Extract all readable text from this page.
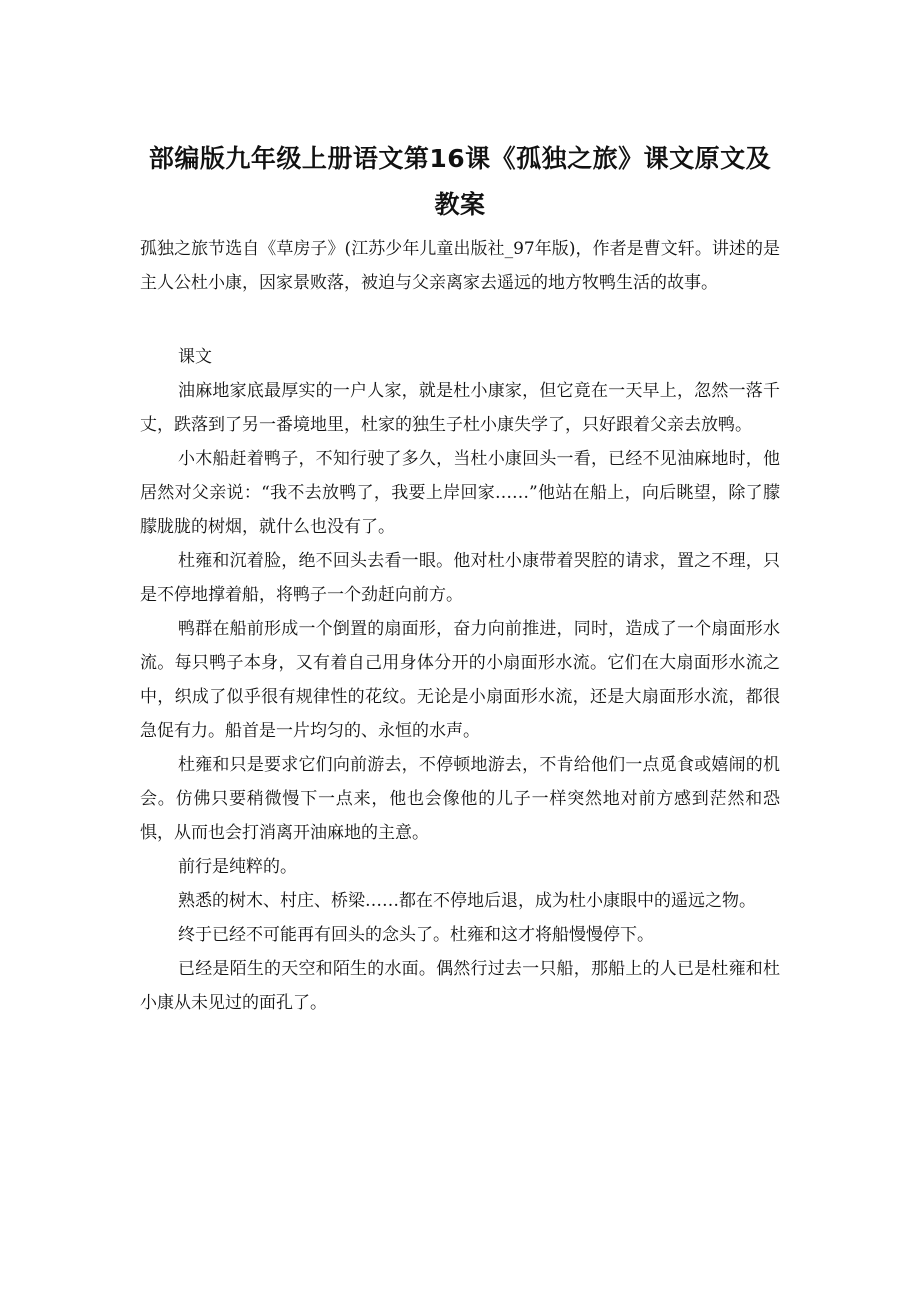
部编版九年级上册语文第16课《孤独之旅》课文原文及教案

孤独之旅节选自《草房子》(江苏少年儿童出版社_97年版)，作者是曹文轩。讲述的是主人公杜小康，因家景败落，被迫与父亲离家去遥远的地方牧鸭生活的故事。

课文

油麻地家底最厚实的一户人家，就是杜小康家，但它竟在一天早上，忽然一落千丈，跌落到了另一番境地里，杜家的独生子杜小康失学了，只好跟着父亲去放鸭。

小木船赶着鸭子，不知行驶了多久，当杜小康回头一看，已经不见油麻地时，他居然对父亲说：“我不去放鸭了，我要上岸回家……”他站在船上，向后眺望，除了朦朦胧胧的树烟，就什么也没有了。

杜雍和沉着脸，绝不回头去看一眼。他对杜小康带着哭腔的请求，置之不理，只是不停地撑着船，将鸭子一个劲赶向前方。

鸭群在船前形成一个倒置的扇面形，奋力向前推进，同时，造成了一个扇面形水流。每只鸭子本身，又有着自己用身体分开的小扇面形水流。它们在大扇面形水流之中，织成了似乎很有规律性的花纹。无论是小扇面形水流，还是大扇面形水流，都很急促有力。船首是一片均匀的、永恒的水声。

杜雍和只是要求它们向前游去，不停顿地游去，不肯给他们一点觅食或嬉闹的机会。仿佛只要稍微慢下一点来，他也会像他的儿子一样突然地对前方感到茫然和恐惧，从而也会打消离开油麻地的主意。

前行是纯粹的。

熟悉的树木、村庄、桥梁……都在不停地后退，成为杜小康眼中的遥远之物。

终于已经不可能再有回头的念头了。杜雍和这才将船慢慢停下。

已经是陌生的天空和陌生的水面。偶然行过去一只船，那船上的人已是杜雍和杜小康从未见过的面孔了。
